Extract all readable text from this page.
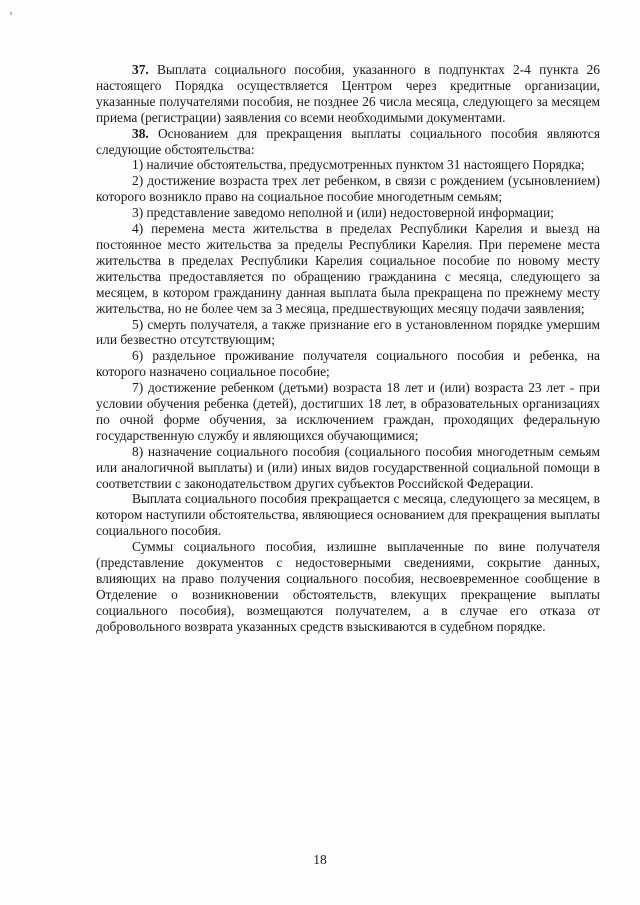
37. Выплата социального пособия, указанного в подпунктах 2-4 пункта 26 настоящего Порядка осуществляется Центром через кредитные организации, указанные получателями пособия, не позднее 26 числа месяца, следующего за месяцем приема (регистрации) заявления со всеми необходимыми документами.

38. Основанием для прекращения выплаты социального пособия являются следующие обстоятельства:

1) наличие обстоятельства, предусмотренных пунктом 31 настоящего Порядка;

2) достижение возраста трех лет ребенком, в связи с рождением (усыновлением) которого возникло право на социальное пособие многодетным семьям;

3) представление заведомо неполной и (или) недостоверной информации;

4) перемена места жительства в пределах Республики Карелия и выезд на постоянное место жительства за пределы Республики Карелия. При перемене места жительства в пределах Республики Карелия социальное пособие по новому месту жительства предоставляется по обращению гражданина с месяца, следующего за месяцем, в котором гражданину данная выплата была прекращена по прежнему месту жительства, но не более чем за 3 месяца, предшествующих месяцу подачи заявления;

5) смерть получателя, а также признание его в установленном порядке умершим или безвестно отсутствующим;

6) раздельное проживание получателя социального пособия и ребенка, на которого назначено социальное пособие;

7) достижение ребенком (детьми) возраста 18 лет и (или) возраста 23 лет - при условии обучения ребенка (детей), достигших 18 лет, в образовательных организациях по очной форме обучения, за исключением граждан, проходящих федеральную государственную службу и являющихся обучающимися;

8) назначение социального пособия (социального пособия многодетным семьям или аналогичной выплаты) и (или) иных видов государственной социальной помощи в соответствии с законодательством других субъектов Российской Федерации.

Выплата социального пособия прекращается с месяца, следующего за месяцем, в котором наступили обстоятельства, являющиеся основанием для прекращения выплаты социального пособия.

Суммы социального пособия, излишне выплаченные по вине получателя (представление документов с недостоверными сведениями, сокрытие данных, влияющих на право получения социального пособия, несвоевременное сообщение в Отделение о возникновении обстоятельств, влекущих прекращение выплаты социального пособия), возмещаются получателем, а в случае его отказа от добровольного возврата указанных средств взыскиваются в судебном порядке.

18
